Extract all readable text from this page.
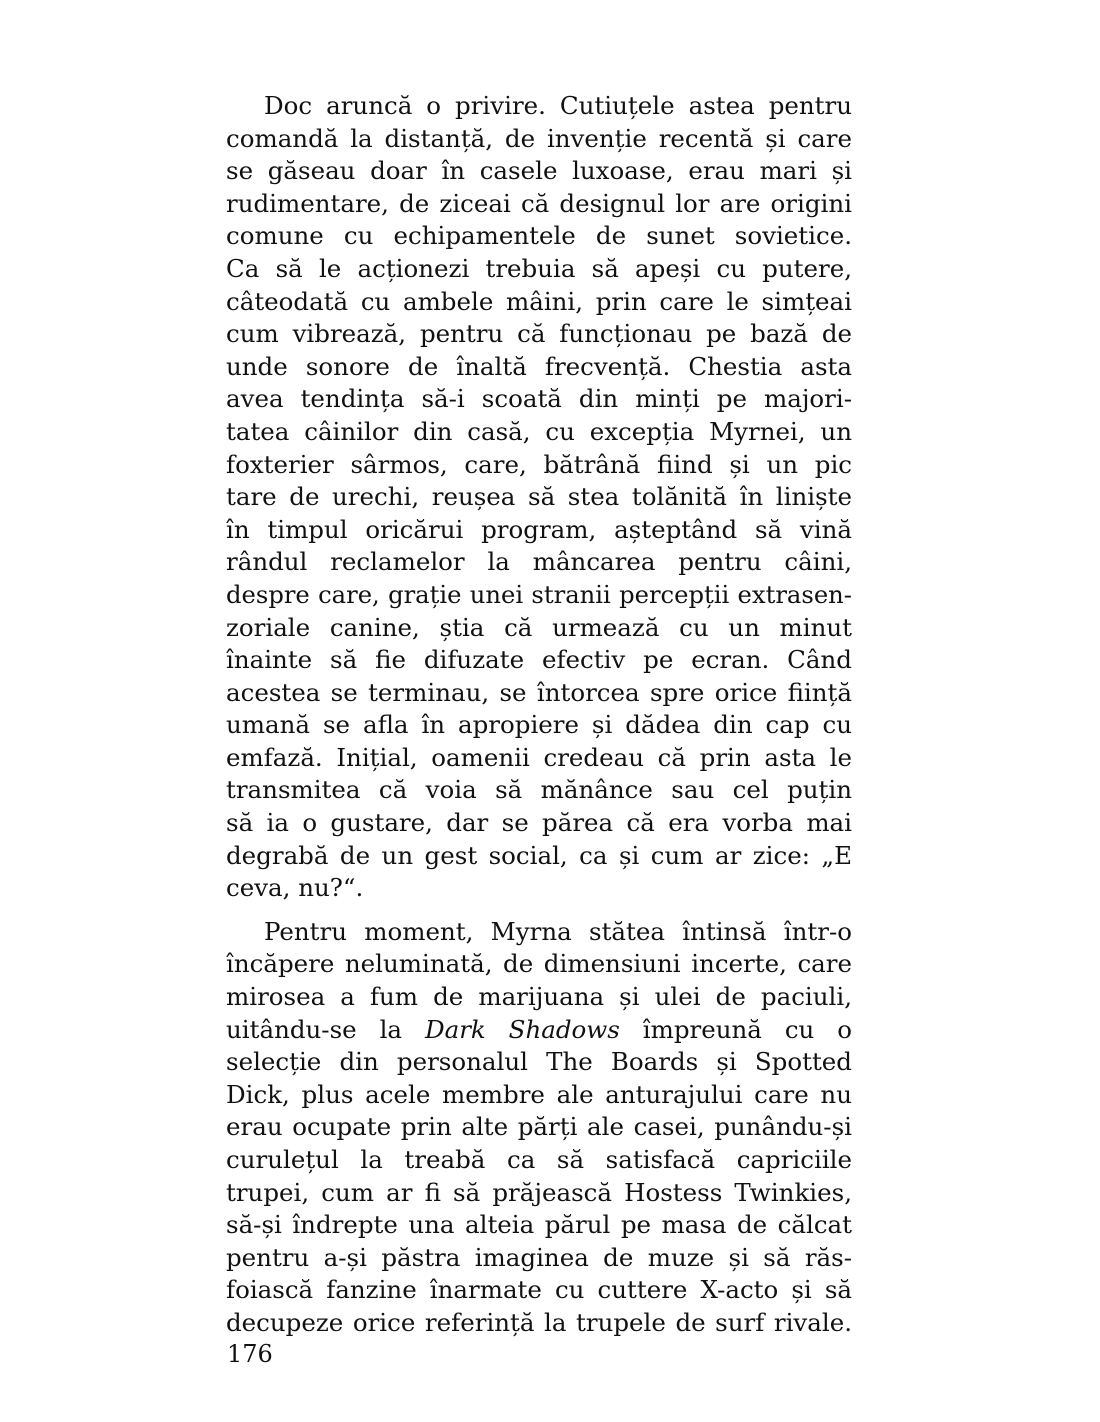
Doc aruncă o privire. Cutiuțele astea pentru
comandă la distanță, de invenție recentă și care
se găseau doar în casele luxoase, erau mari și
rudimentare, de ziceai că designul lor are origini
comune cu echipamentele de sunet sovietice.
Ca să le acționezi trebuia să apeși cu putere,
câteodată cu ambele mâini, prin care le simțeai
cum vibrează, pentru că funcționau pe bază de
unde sonore de înaltă frecvență. Chestia asta
avea tendința să-i scoată din minți pe majori-
tatea câinilor din casă, cu excepția Myrnei, un
foxterier sârmos, care, bătrână fiind și un pic
tare de urechi, reușea să stea tolănită în liniște
în timpul oricărui program, așteptând să vină
rândul reclamelor la mâncarea pentru câini,
despre care, grație unei stranii percepții extrasen-
zoriale canine, știa că urmează cu un minut
înainte să fie difuzate efectiv pe ecran. Când
acestea se terminau, se întorcea spre orice ființă
umană se afla în apropiere și dădea din cap cu
emfază. Inițial, oamenii credeau că prin asta le
transmitea că voia să mănânce sau cel puțin
să ia o gustare, dar se părea că era vorba mai
degrabă de un gest social, ca și cum ar zice: „E
ceva, nu?“.
Pentru moment, Myrna stătea întinsă într-o
încăpere neluminată, de dimensiuni incerte, care
mirosea a fum de marijuana și ulei de paciuli,
uitându-se la Dark Shadows împreună cu o
selecție din personalul The Boards și Spotted
Dick, plus acele membre ale anturajului care nu
erau ocupate prin alte părți ale casei, punându-și
curulețul la treabă ca să satisfacă capriciile
trupei, cum ar fi să prăjească Hostess Twinkies,
să-și îndrepte una alteia părul pe masa de călcat
pentru a-și păstra imaginea de muze și să răs-
foiască fanzine înarmate cu cuttere X-acto și să
decupeze orice referință la trupele de surf rivale.
176
